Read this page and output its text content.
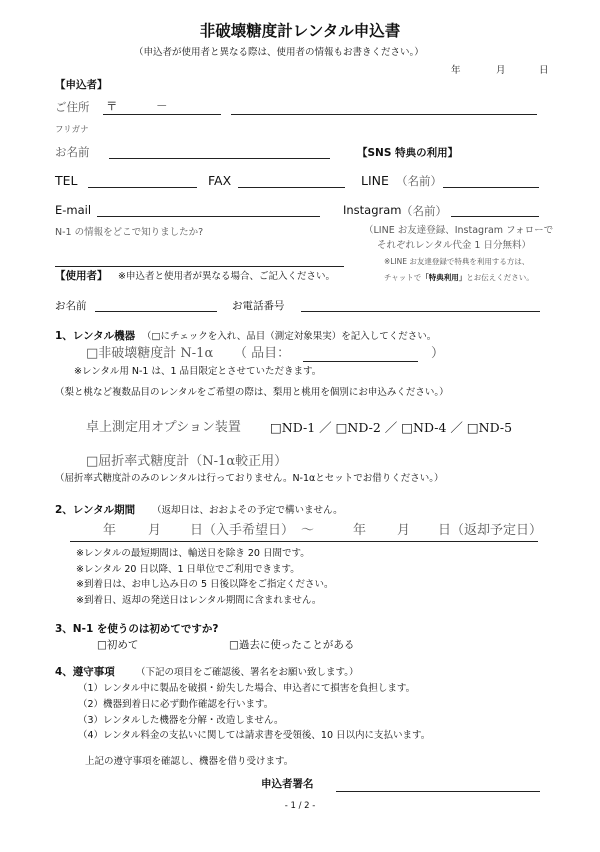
非破壊糖度計レンタル申込書
（申込者が使用者と異なる際は、使用者の情報もお書きください。）
年	月	日
【申込者】
ご住所 〒	－
フリガナ
お名前	【SNS 特典の利用】
TEL	FAX	LINE （名前）
E-mail	Instagram （名前）
N-1 の情報をどこで知りましたか?	（LINE お友達登録、Instagram フォローで
それぞれレンタル代金 1 日分無料）
※LINE お友達登録で特典を利用する方は、
チャットで「特典利用」とお伝えください。
【使用者】 ※申込者と使用者が異なる場合、ご記入ください。
お名前	お電話番号
1、レンタル機器 （□にチェックを入れ、品目（測定対象果実）を記入してください。
□非破壊糖度計 N-1α （ 品目：	）
※レンタル用 N-1 は、1 品目限定とさせていただきます。
（梨と桃など複数品目のレンタルをご希望の際は、梨用と桃用を個別にお申込みください。）
卓上測定用オプション装置 □ND-1 ／ □ND-2 ／ □ND-4 ／ □ND-5
□屈折率式糖度計（N-1α較正用）
（屈折率式糖度計のみのレンタルは行っておりません。N-1αとセットでお借りください。）
2、レンタル期間 （返却日は、おおよその予定で構いません。
年 月 日（入手希望日） ～	年 月 日（返却予定日）
※レンタルの最短期間は、輸送日を除き 20 日間です。
※レンタル 20 日以降、1 日単位でご利用できます。
※到着日は、お申し込み日の 5 日後以降をご指定ください。
※到着日、返却の発送日はレンタル期間に含まれません。
3、N-1 を使うのは初めてですか?
□初めて	□過去に使ったことがある
4、遵守事項 （下記の項目をご確認後、署名をお願い致します。）
（1）レンタル中に製品を破損・紛失した場合、申込者にて損害を負担します。
（2）機器到着日に必ず動作確認を行います。
（3）レンタルした機器を分解・改造しません。
（4）レンタル料金の支払いに関しては請求書を受領後、10 日以内に支払います。
上記の遵守事項を確認し、機器を借り受けます。
申込者署名
- 1 / 2 -
